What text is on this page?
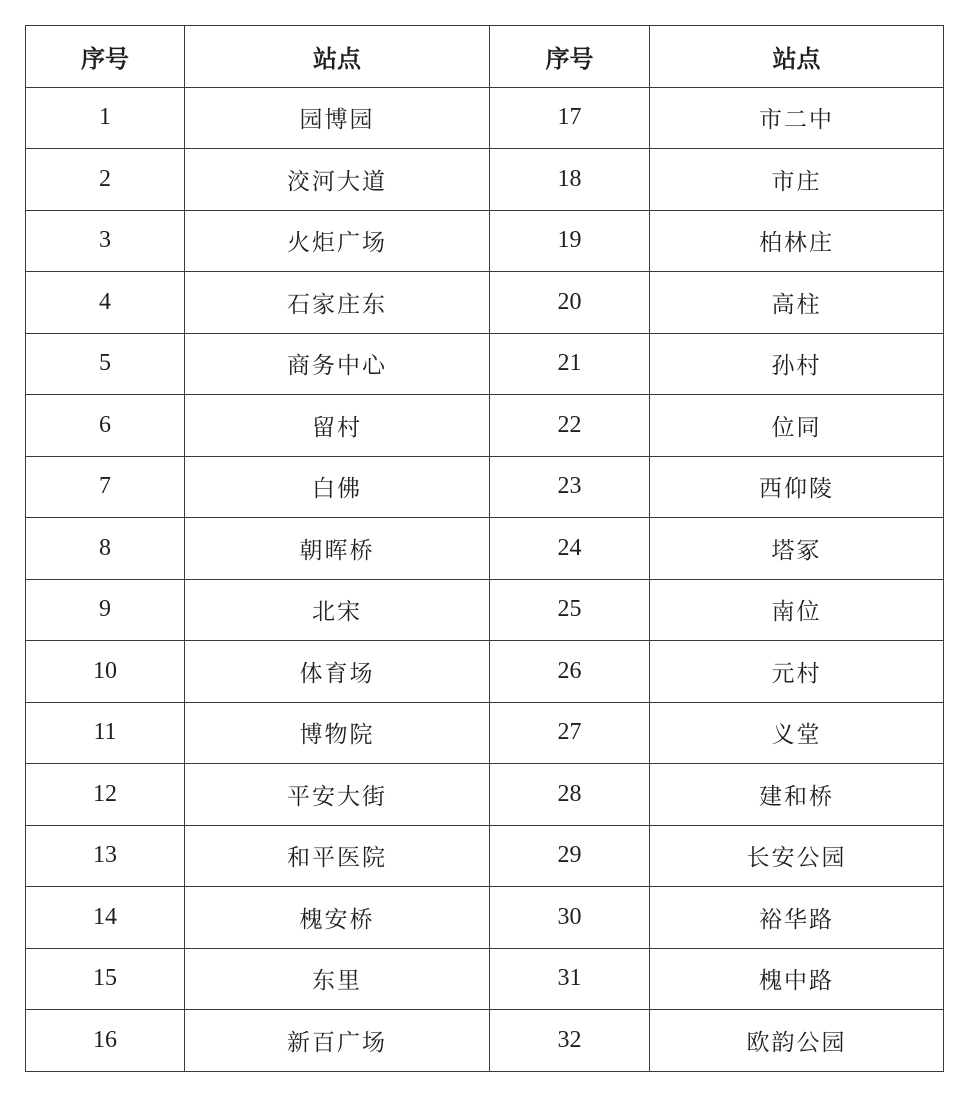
序号	站点	序号	站点
1	园博园	17	市二中
2	洨河大道	18	市庄
3	火炬广场	19	柏林庄
4	石家庄东	20	高柱
5	商务中心	21	孙村
6	留村	22	位同
7	白佛	23	西仰陵
8	朝晖桥	24	塔冢
9	北宋	25	南位
10	体育场	26	元村
11	博物院	27	义堂
12	平安大街	28	建和桥
13	和平医院	29	长安公园
14	槐安桥	30	裕华路
15	东里	31	槐中路
16	新百广场	32	欧韵公园
